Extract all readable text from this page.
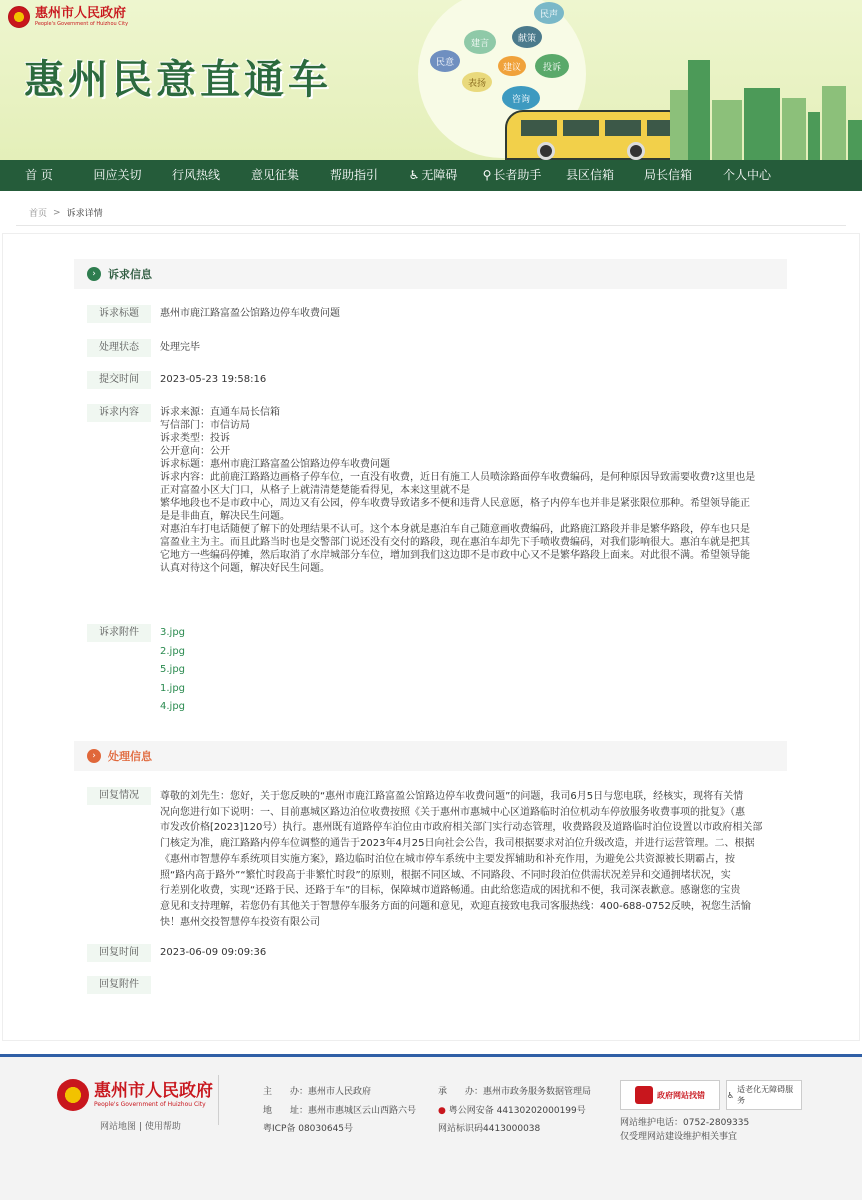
惠州市人民政府
People's Government of Huizhou City
惠州民意直通车
民声
建言	献策
民意	建议	投诉
表扬
咨询
首 页	回应关切	行风热线	意见征集	帮助指引	♿ 无障碍 ⚲ 长者助手 县区信箱 局长信箱	个人中心
首页 > 诉求详情
›	诉求信息
诉求标题	惠州市鹿江路富盈公馆路边停车收费问题
处理状态	处理完毕
提交时间	2023-05-23 19:58:16
诉求内容	诉求来源：直通车局长信箱
写信部门：市信访局
诉求类型：投诉
公开意向：公开
诉求标题：惠州市鹿江路富盈公馆路边停车收费问题
诉求内容：此前鹿江路路边画格子停车位，一直没有收费，近日有施工人员喷涂路面停车收费编码，是何种原因导致需要收费?这里也是
正对富盈小区大门口，从格子上就清清楚楚能看得见，本来这里就不是
繁华地段也不是市政中心，周边又有公园，停车收费导致诸多不便和违背人民意愿，格子内停车也并非是紧张限位那种。希望领导能正
是是非曲直，解决民生问题。
对惠泊车打电话随便了解下的处理结果不认可。这个本身就是惠泊车自己随意画收费编码，此路鹿江路段并非是繁华路段，停车也只是
富盈业主为主。而且此路当时也是交警部门说还没有交付的路段，现在惠泊车却先下手喷收费编码，对我们影响很大。惠泊车就是把其
它地方一些编码停摊，然后取消了水岸城部分车位，增加到我们这边即不是市政中心又不是繁华路段上面来。对此很不满。希望领导能
认真对待这个问题，解决好民生问题。
诉求附件	3.jpg
2.jpg
5.jpg
1.jpg
4.jpg
›	处理信息
回复情况	尊敬的刘先生：您好，关于您反映的“惠州市鹿江路富盈公馆路边停车收费问题”的问题，我司6月5日与您电联，经核实，现将有关情
况向您进行如下说明：一、目前惠城区路边泊位收费按照《关于惠州市惠城中心区道路临时泊位机动车停放服务收费事项的批复》（惠
市发改价格[2023]120号）执行。惠州既有道路停车泊位由市政府相关部门实行动态管理，收费路段及道路临时泊位设置以市政府相关部
门核定为准，鹿江路路内停车位调整的通告于2023年4月25日向社会公告，我司根据要求对泊位升级改造，并进行运营管理。二、根据
《惠州市智慧停车系统项目实施方案》，路边临时泊位在城市停车系统中主要发挥辅助和补充作用，为避免公共资源被长期霸占，按
照“路内高于路外”“繁忙时段高于非繁忙时段”的原则，根据不同区域、不同路段、不同时段泊位供需状况差异和交通拥堵状况，实
行差别化收费，实现“还路于民、还路于车”的目标，保障城市道路畅通。由此给您造成的困扰和不便，我司深表歉意。感谢您的宝贵
意见和支持理解，若您仍有其他关于智慧停车服务方面的问题和意见，欢迎直接致电我司客服热线：400-688-0752反映，祝您生活愉
快！惠州交投智慧停车投资有限公司
回复时间	2023-06-09 09:09:36
回复附件
惠州市人民政府
People's Government of Huizhou City
网站地图 | 使用帮助
主　　办：惠州市人民政府
地　　址：惠州市惠城区云山西路六号
粤ICP备 08030645号
承　　办：惠州市政务服务数据管理局
● 粤公网安备 44130202000199号
网站标识码4413000038
政府网站找错	♿
适老化无障碍服务
网站维护电话：0752-2809335
仅受理网站建设维护相关事宜
